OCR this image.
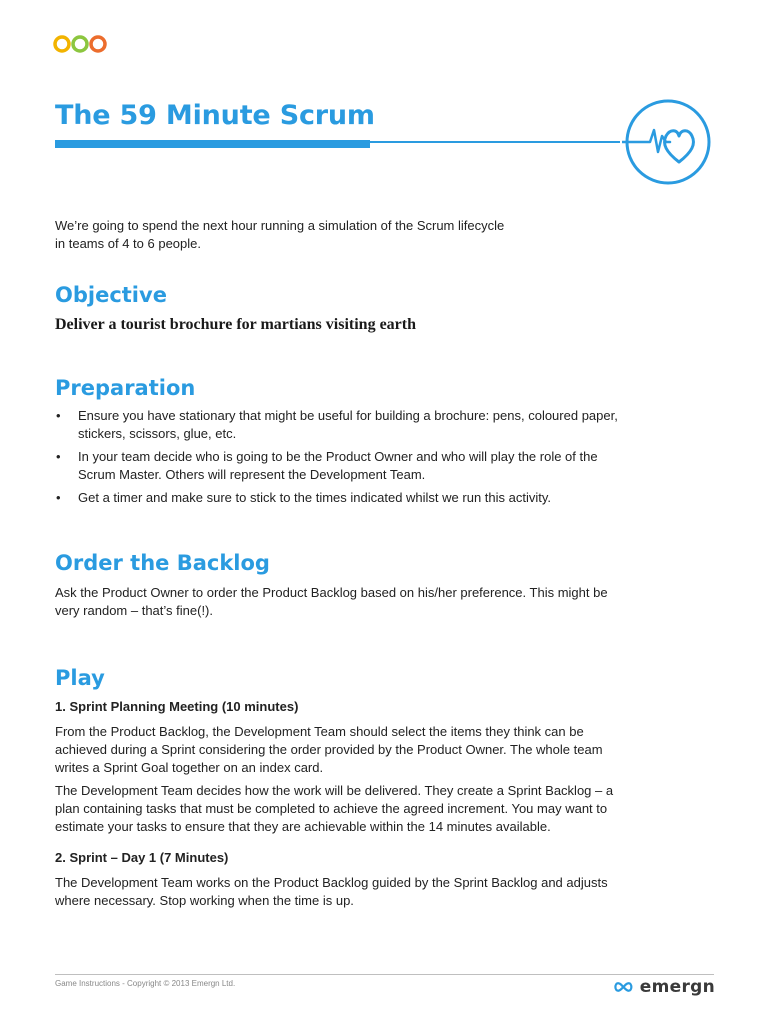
The 59 Minute Scrum

We’re going to spend the next hour running a simulation of the Scrum lifecycle
in teams of 4 to 6 people.

Objective

Deliver a tourist brochure for martians visiting earth

Preparation
• Ensure you have stationary that might be useful for building a brochure: pens, coloured paper,
stickers, scissors, glue, etc.
• In your team decide who is going to be the Product Owner and who will play the role of the
Scrum Master. Others will represent the Development Team.
• Get a timer and make sure to stick to the times indicated whilst we run this activity.
Order the Backlog

Ask the Product Owner to order the Product Backlog based on his/her preference. This might be
very random – that’s fine(!).

Play

1. Sprint Planning Meeting (10 minutes)

From the Product Backlog, the Development Team should select the items they think can be
achieved during a Sprint considering the order provided by the Product Owner. The whole team
writes a Sprint Goal together on an index card.

The Development Team decides how the work will be delivered. They create a Sprint Backlog – a
plan containing tasks that must be completed to achieve the agreed increment. You may want to
estimate your tasks to ensure that they are achievable within the 14 minutes available.

2. Sprint – Day 1 (7 Minutes)

The Development Team works on the Product Backlog guided by the Sprint Backlog and adjusts
where necessary. Stop working when the time is up.

Game Instructions - Copyright © 2013 Emergn Ltd.	emergn
